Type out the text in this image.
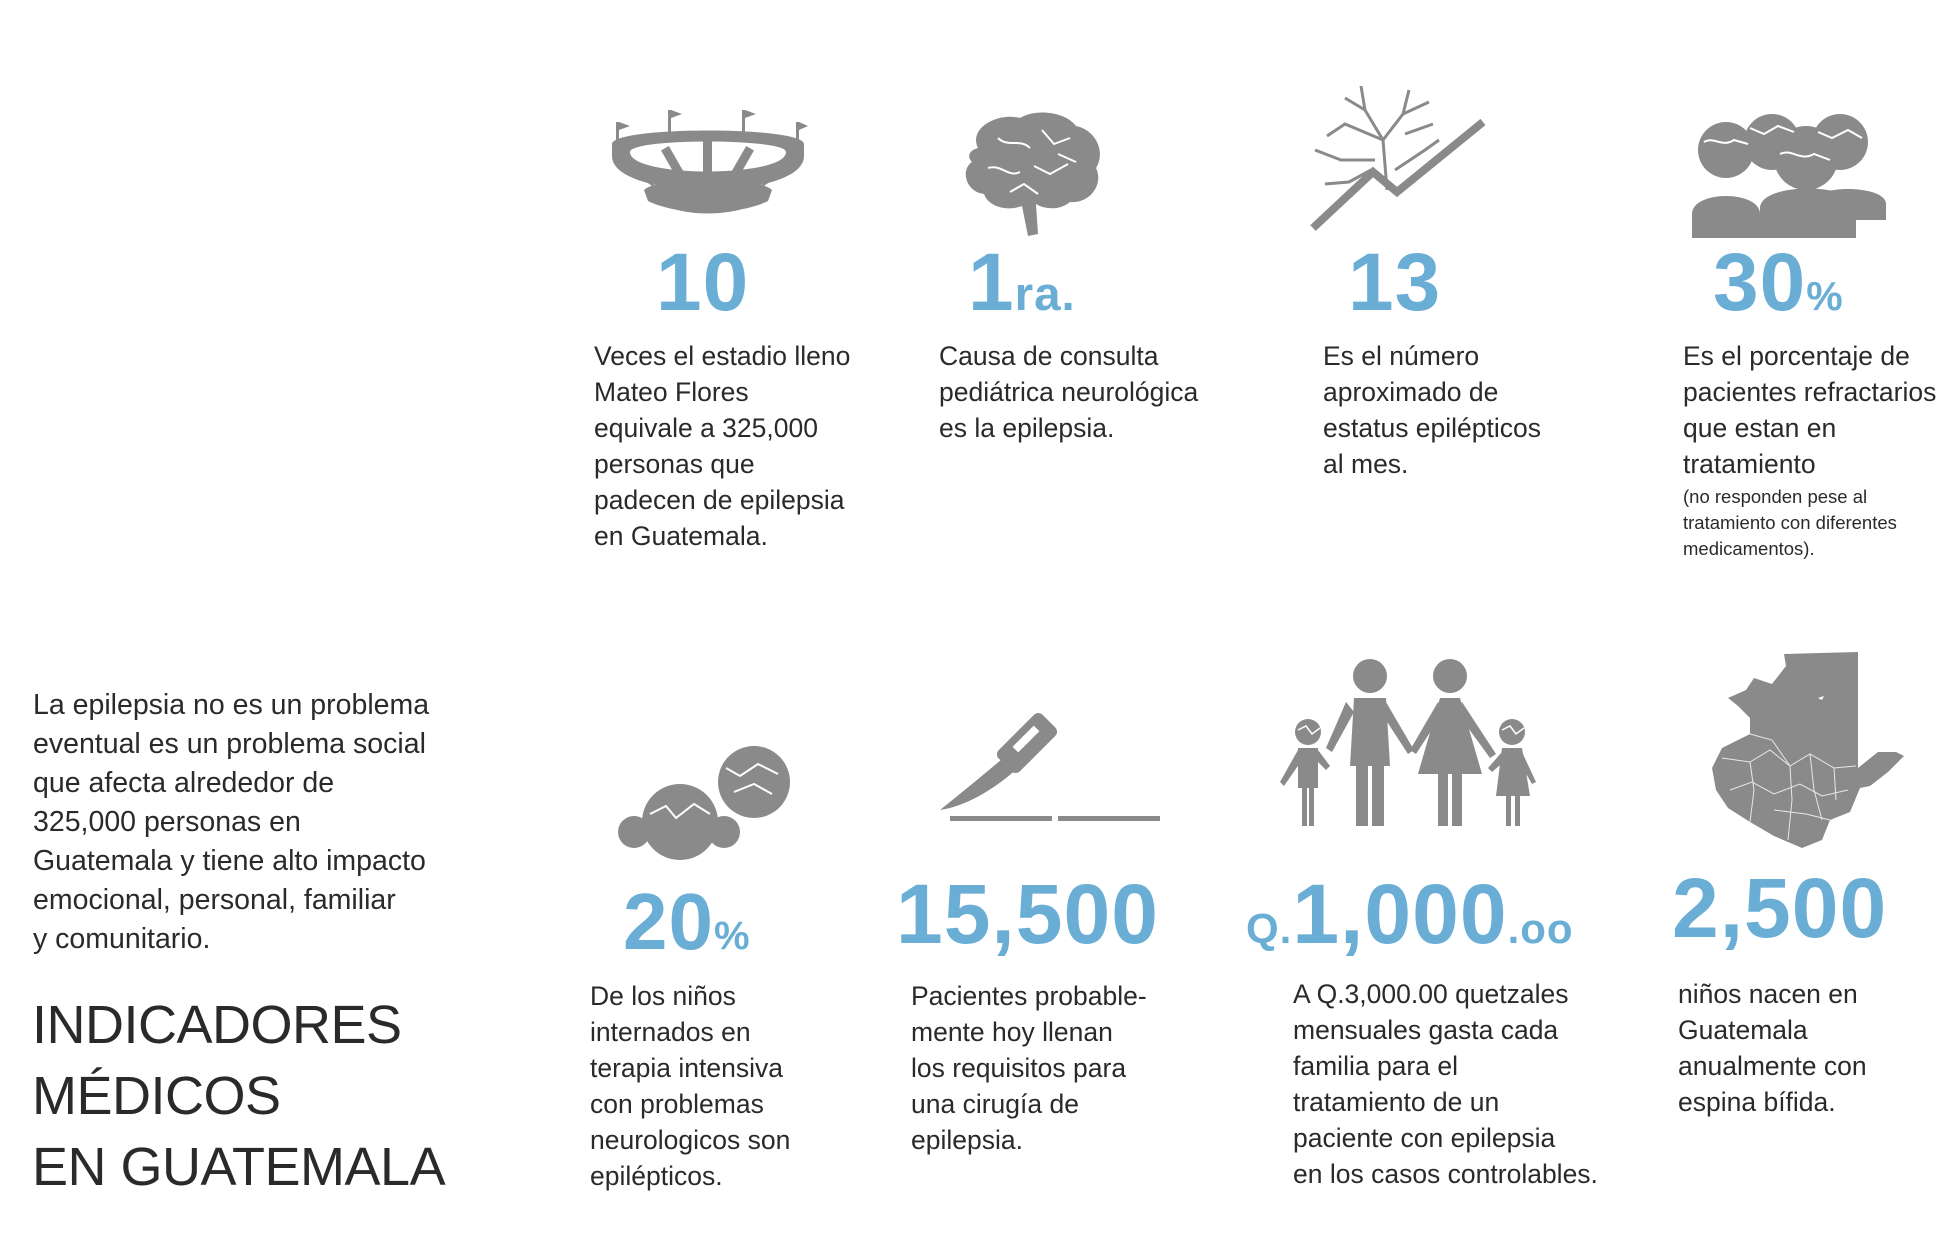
La epilepsia no es un problema
eventual es un problema social
que afecta alrededor de
325,000 personas en
Guatemala y tiene alto impacto
emocional, personal, familiar
y comunitario.
INDICADORES
MÉDICOS
EN GUATEMALA
10
Veces el estadio lleno
Mateo Flores
equivale a 325,000
personas que
padecen de epilepsia
en Guatemala.
1ra.
Causa de consulta
pediátrica neurológica
es la epilepsia.
13
Es el número
aproximado de
estatus epilépticos
al mes.
30%
Es el porcentaje de
pacientes refractarios
que estan en
tratamiento
(no responden pese al
tratamiento con diferentes
medicamentos).
20%
De los niños
internados en
terapia intensiva
con problemas
neurologicos son
epilépticos.
15,500
Pacientes probable-
mente hoy llenan
los requisitos para
una cirugía de
epilepsia.
Q.1,000.oo
A Q.3,000.00 quetzales
mensuales gasta cada
familia para el
tratamiento de un
paciente con epilepsia
en los casos controlables.
2,500
niños nacen en
Guatemala
anualmente con
espina bífida.
